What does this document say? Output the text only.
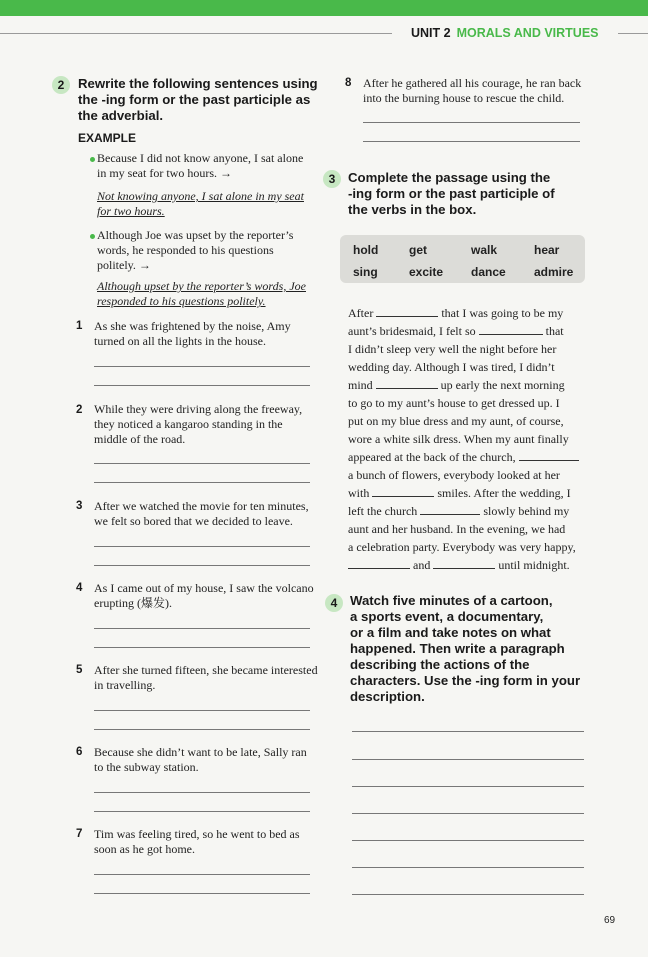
UNIT 2 MORALS AND VIRTUES
2	Rewrite the following sentences using
the -ing form or the past participle as
the adverbial.
EXAMPLE
Because I did not know anyone, I sat alone
in my seat for two hours. →
Not knowing anyone, I sat alone in my seat
for two hours.
Although Joe was upset by the reporter’s
words, he responded to his questions
politely. →
Although upset by the reporter’s words, Joe
responded to his questions politely.
1 As she was frightened by the noise, Amy
turned on all the lights in the house.
2 While they were driving along the freeway,
they noticed a kangaroo standing in the
middle of the road.
3 After we watched the movie for ten minutes,
we felt so bored that we decided to leave.
4 As I came out of my house, I saw the volcano
erupting (爆发).
5 After she turned fifteen, she became interested
in travelling.
6 Because she didn’t want to be late, Sally ran
to the subway station.
7 Tim was feeling tired, so he went to bed as
soon as he got home.
8 After he gathered all his courage, he ran back
into the burning house to rescue the child.
3 Complete the passage using the
-ing form or the past participle of
the verbs in the box.
hold	get	walk	hear
sing	excite dance admire
After	that I was going to be my
aunt’s bridesmaid, I felt so	that
I didn’t sleep very well the night before her
wedding day. Although I was tired, I didn’t
mind	up early the next morning
to go to my aunt’s house to get dressed up. I
put on my blue dress and my aunt, of course,
wore a white silk dress. When my aunt finally
appeared at the back of the church,
a bunch of flowers, everybody looked at her
with	smiles. After the wedding, I
left the church	slowly behind my
aunt and her husband. In the evening, we had
a celebration party. Everybody was very happy,
and	until midnight.
4 Watch five minutes of a cartoon,
a sports event, a documentary,
or a film and take notes on what
happened. Then write a paragraph
describing the actions of the
characters. Use the -ing form in your
description.
69
